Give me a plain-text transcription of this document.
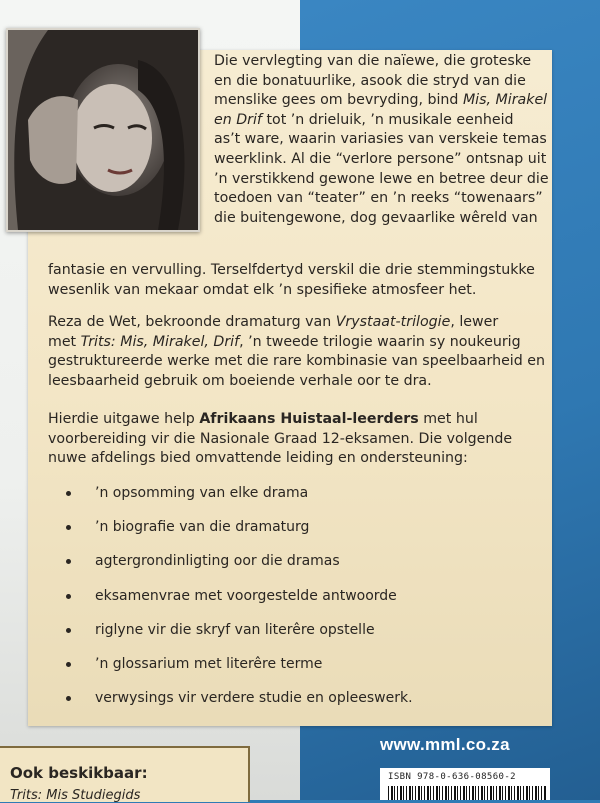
Die vervlegting van die naïewe, die groteske
en die bonatuurlike, asook die stryd van die
menslike gees om bevryding, bind Mis, Mirakel
en Drif tot ’n drieluik, ’n musikale eenheid
as’t ware, waarin variasies van verskeie temas
weerklink. Al die “verlore persone” ontsnap uit
’n verstikkend gewone lewe en betree deur die
toedoen van “teater” en ’n reeks “towenaars”
die buitengewone, dog gevaarlike wêreld van
fantasie en vervulling. Terselfdertyd verskil die drie stemmingstukke
wesenlik van mekaar omdat elk ’n spesifieke atmosfeer het.
Reza de Wet, bekroonde dramaturg van Vrystaat-trilogie, lewer
met Trits: Mis, Mirakel, Drif, ’n tweede trilogie waarin sy noukeurig
gestruktureerde werke met die rare kombinasie van speelbaarheid en
leesbaarheid gebruik om boeiende verhale oor te dra.
Hierdie uitgawe help Afrikaans Huistaal-leerders met hul
voorbereiding vir die Nasionale Graad 12-eksamen. Die volgende
nuwe afdelings bied omvattende leiding en ondersteuning:
’n opsomming van elke drama
’n biografie van die dramaturg
agtergrondinligting oor die dramas
eksamenvrae met voorgestelde antwoorde
riglyne vir die skryf van literêre opstelle
’n glossarium met literêre terme
verwysings vir verdere studie en opleeswerk.
www.mml.co.za
Ook beskikbaar:
Trits: Mis Studiegids
ISBN 978-0-636-08560-2
